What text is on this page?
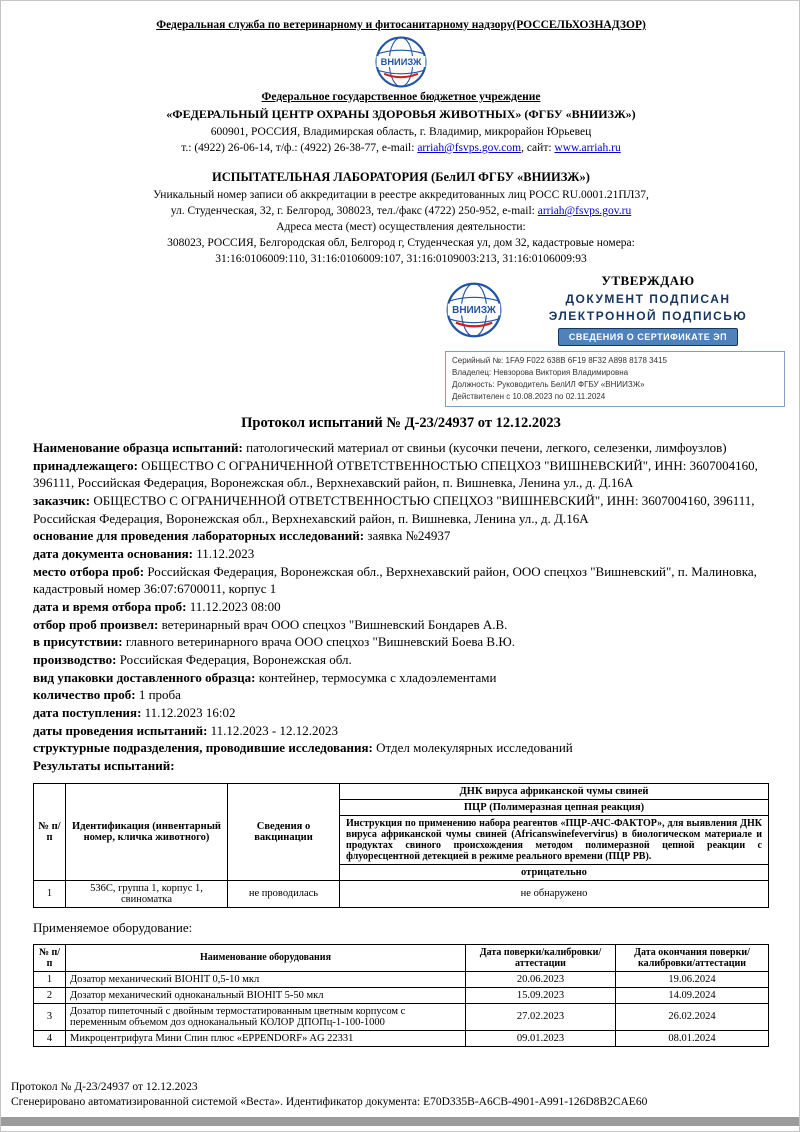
Федеральная служба по ветеринарному и фитосанитарному надзору(РОССЕЛЬХОЗНАДЗОР)
ВНИИЗЖ
Федеральное государственное бюджетное учреждение
«ФЕДЕРАЛЬНЫЙ ЦЕНТР ОХРАНЫ ЗДОРОВЬЯ ЖИВОТНЫХ» (ФГБУ «ВНИИЗЖ»)
600901, РОССИЯ, Владимирская область, г. Владимир, микрорайон Юрьевец
т.: (4922) 26-06-14, т/ф.: (4922) 26-38-77, e-mail: arriah@fsvps.gov.com, сайт: www.arriah.ru
ИСПЫТАТЕЛЬНАЯ ЛАБОРАТОРИЯ (БелИЛ ФГБУ «ВНИИЗЖ»)
Уникальный номер записи об аккредитации в реестре аккредитованных лиц РОСС RU.0001.21ПЛ37,
ул. Студенческая, 32, г. Белгород, 308023, тел./факс (4722) 250-952, e-mail: arriah@fsvps.gov.ru
Адреса места (мест) осуществления деятельности:
308023, РОССИЯ, Белгородская обл, Белгород г, Студенческая ул, дом 32, кадастровые номера:
31:16:0106009:110, 31:16:0106009:107, 31:16:0109003:213, 31:16:0106009:93
ВНИИЗЖ
УТВЕРЖДАЮ
ДОКУМЕНТ ПОДПИСАН
ЭЛЕКТРОННОЙ ПОДПИСЬЮ
СВЕДЕНИЯ О СЕРТИФИКАТЕ ЭП
Серийный №: 1FA9 F022 638B 6F19 8F32 A898 8178 3415
Владелец: Невзорова Виктория Владимировна
Должность: Руководитель БелИЛ ФГБУ «ВНИИЗЖ»
Действителен с 10.08.2023 по 02.11.2024
Протокол испытаний № Д-23/24937 от 12.12.2023
Наименование образца испытаний: патологический материал от свиньи (кусочки печени, легкого, селезенки, лимфоузлов)
принадлежащего: ОБЩЕСТВО С ОГРАНИЧЕННОЙ ОТВЕТСТВЕННОСТЬЮ СПЕЦХОЗ "ВИШНЕВСКИЙ", ИНН: 3607004160, 396111, Российская Федерация, Воронежская обл., Верхнехавский район, п. Вишневка, Ленина ул., д. Д.16А
заказчик: ОБЩЕСТВО С ОГРАНИЧЕННОЙ ОТВЕТСТВЕННОСТЬЮ СПЕЦХОЗ "ВИШНЕВСКИЙ", ИНН: 3607004160, 396111, Российская Федерация, Воронежская обл., Верхнехавский район, п. Вишневка, Ленина ул., д. Д.16А
основание для проведения лабораторных исследований: заявка №24937
дата документа основания: 11.12.2023
место отбора проб: Российская Федерация, Воронежская обл., Верхнехавский район, ООО спецхоз "Вишневский", п. Малиновка, кадастровый номер 36:07:6700011, корпус 1
дата и время отбора проб: 11.12.2023 08:00
отбор проб произвел: ветеринарный врач ООО спецхоз "Вишневский Бондарев А.В.
в присутствии: главного ветеринарного врача ООО спецхоз "Вишневский Боева В.Ю.
производство: Российская Федерация, Воронежская обл.
вид упаковки доставленного образца: контейнер, термосумка с хладоэлементами
количество проб: 1 проба
дата поступления: 11.12.2023 16:02
даты проведения испытаний: 11.12.2023 - 12.12.2023
структурные подразделения, проводившие исследования: Отдел молекулярных исследований
Результаты испытаний:
№ п/п	Идентификация (инвентарный номер, кличка животного)	Сведения о вакцинации	ДНК вируса африканской чумы свиней
			ПЦР (Полимеразная цепная реакция)
			Инструкция по применению набора реагентов «ПЦР-АЧС-ФАКТОР», для выявления ДНК вируса африканской чумы свиней (Africanswinefevervirus) в биологическом материале и продуктах свиного происхождения методом полимеразной цепной реакции с флуоресцентной детекцией в режиме реального времени (ПЦР РВ).
			отрицательно
1	536С, группа 1, корпус 1, свиноматка	не проводилась	не обнаружено
Применяемое оборудование:
№ п/п	Наименование оборудования	Дата поверки/калибровки/аттестации	Дата окончания поверки/калибровки/аттестации
1	Дозатор механический BIOHIT 0,5-10 мкл	20.06.2023	19.06.2024
2	Дозатор механический одноканальный BIOHIT 5-50 мкл	15.09.2023	14.09.2024
3	Дозатор пипеточный с двойным термостатированным цветным корпусом с переменным объемом доз одноканальный КОЛОР ДПОПц-1-100-1000	27.02.2023	26.02.2024
4	Микроцентрифуга Мини Спин плюс «EPPENDORF» AG 22331	09.01.2023	08.01.2024
Протокол № Д-23/24937 от 12.12.2023
Сгенерировано автоматизированной системой «Веста». Идентификатор документа: E70D335B-A6CB-4901-A991-126D8B2CAE60
